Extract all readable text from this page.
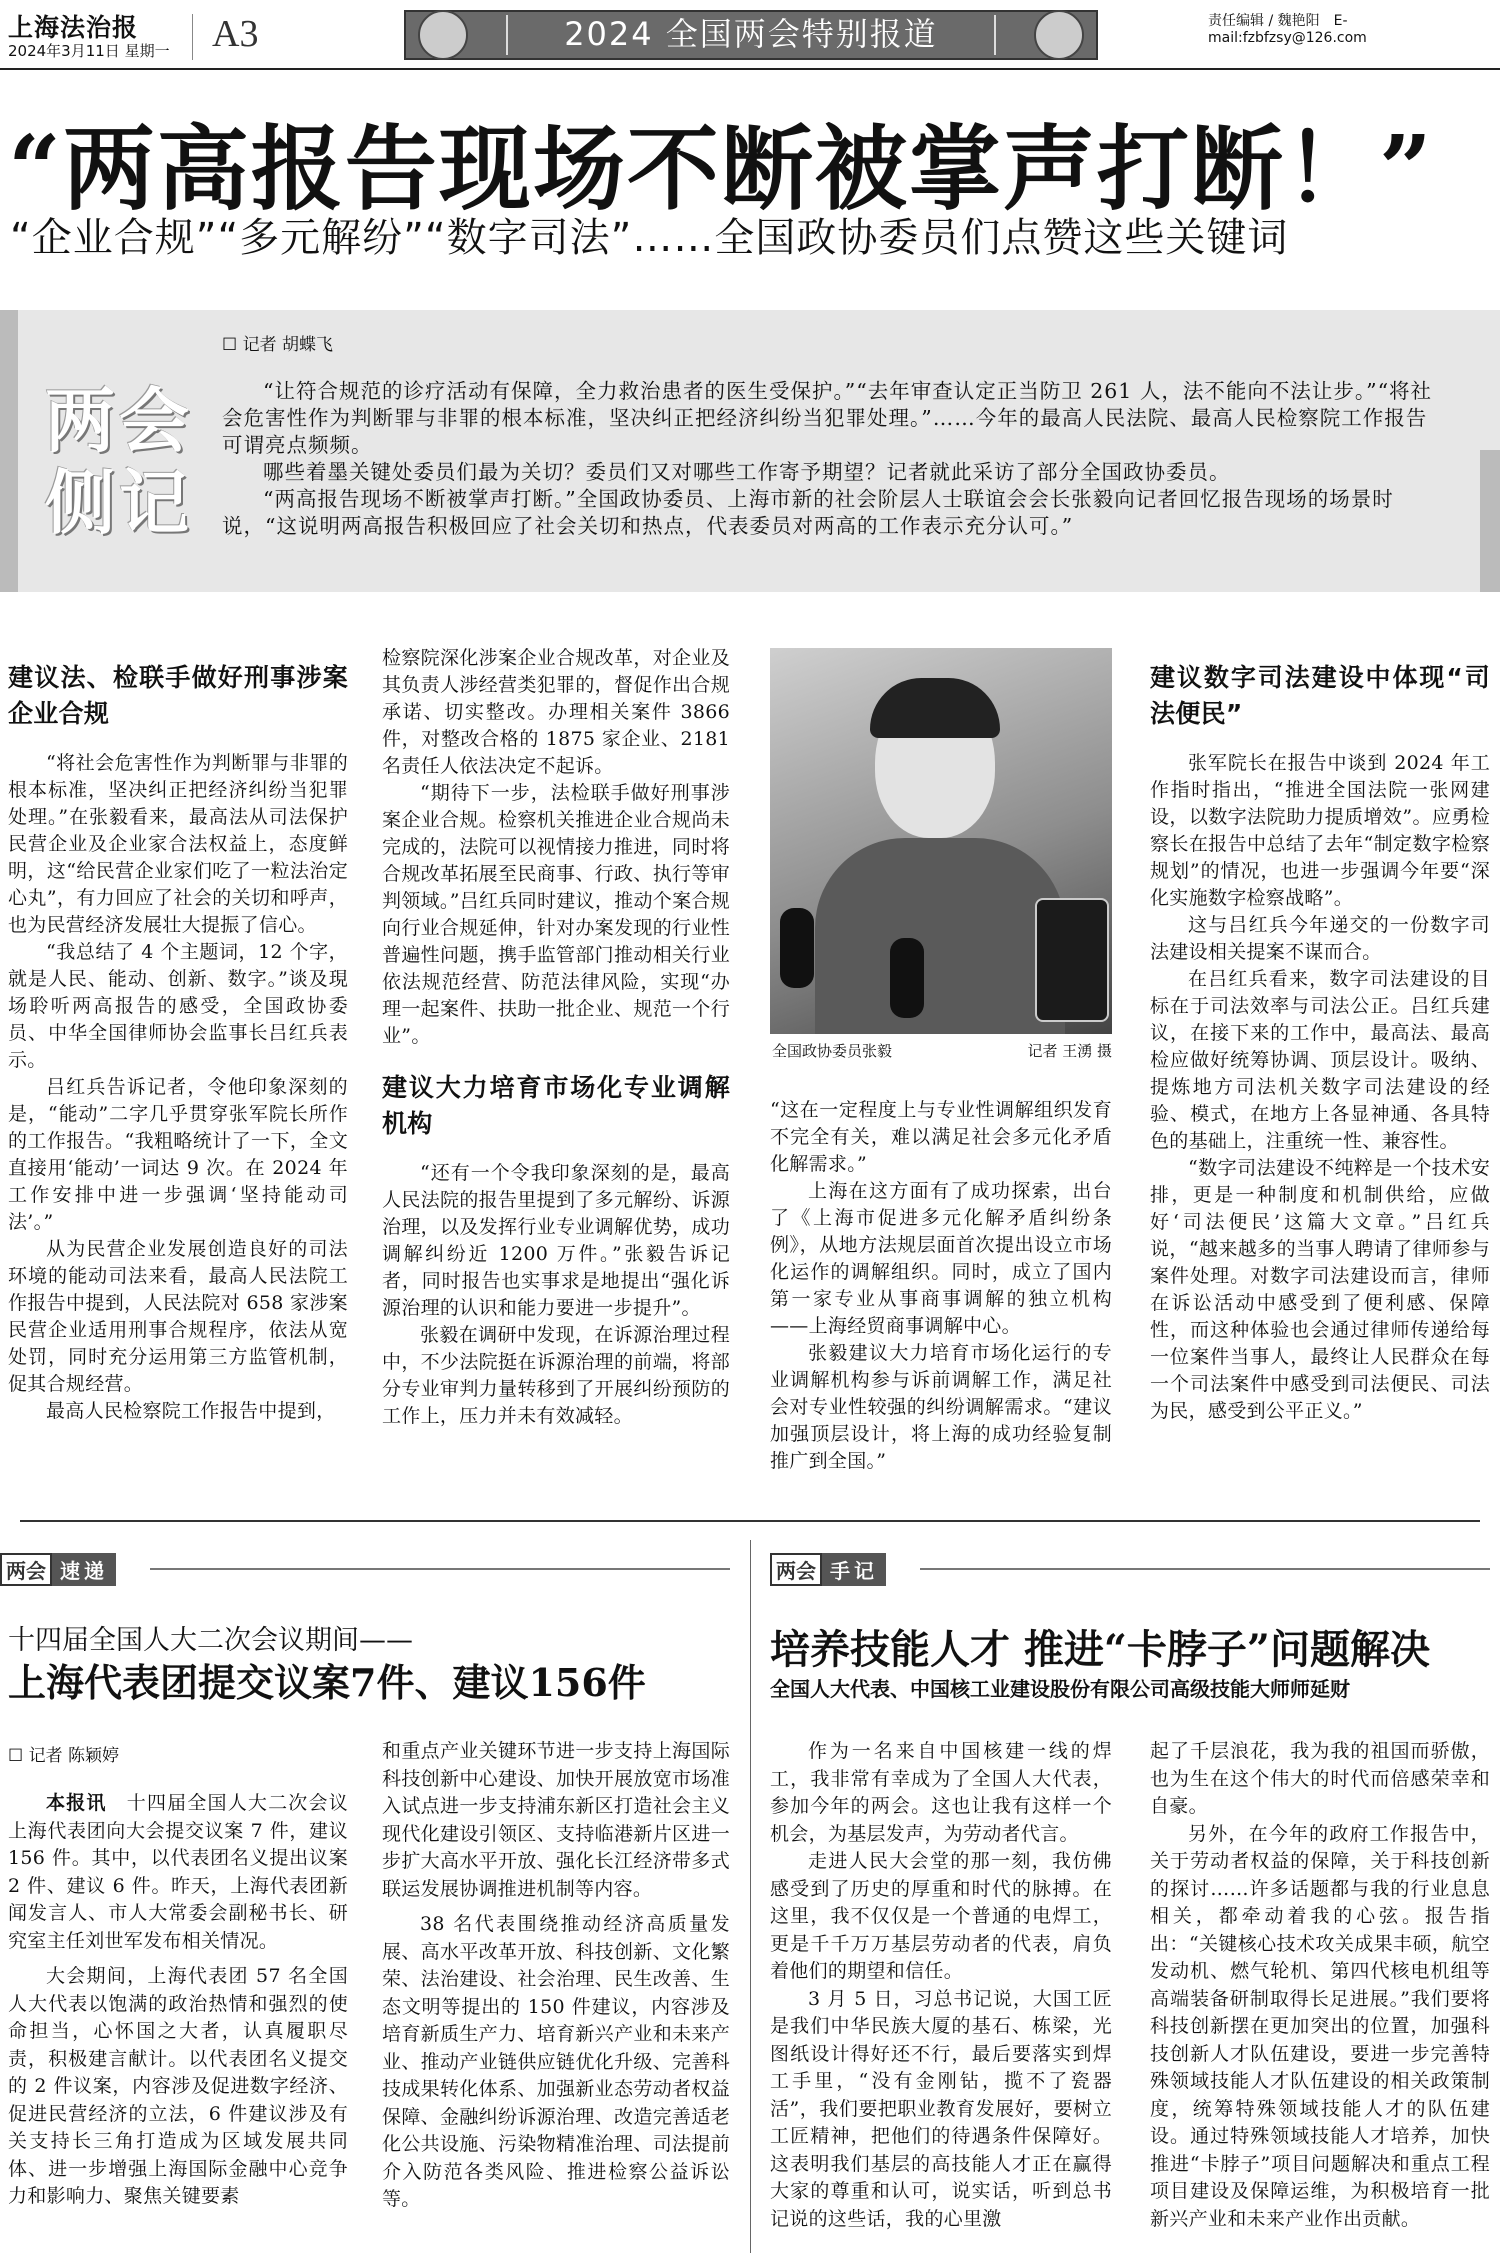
上海法治报
2024年3月11日 星期一 A3	2024 全国两会特别报道	责任编辑 / 魏艳阳　E-mail:fzbfzsy@126.com
“两高报告现场不断被掌声打断！”
“企业合规”“多元解纷”“数字司法”……全国政协委员们点赞这些关键词
两会侧记
☐ 记者 胡蝶飞

“让符合规范的诊疗活动有保障，全力救治患者的医生受保护。”“去年审查认定正当防卫 261 人，法不能向不法让步。”“将社会危害性作为判断罪与非罪的根本标准，坚决纠正把经济纠纷当犯罪处理。”……今年的最高人民法院、最高人民检察院工作报告可谓亮点频频。

哪些着墨关键处委员们最为关切？委员们又对哪些工作寄予期望？记者就此采访了部分全国政协委员。

“两高报告现场不断被掌声打断。”全国政协委员、上海市新的社会阶层人士联谊会会长张毅向记者回忆报告现场的场景时说，“这说明两高报告积极回应了社会关切和热点，代表委员对两高的工作表示充分认可。”

建议法、检联手做好刑事涉案企业合规

“将社会危害性作为判断罪与非罪的根本标准，坚决纠正把经济纠纷当犯罪处理。”在张毅看来，最高法从司法保护民营企业及企业家合法权益上，态度鲜明，这“给民营企业家们吃了一粒法治定心丸”，有力回应了社会的关切和呼声，也为民营经济发展壮大提振了信心。

“我总结了 4 个主题词，12 个字，就是人民、能动、创新、数字。”谈及現场聆听两高报告的感受，全国政协委员、中华全国律师协会监事长吕红兵表示。

吕红兵告诉记者，令他印象深刻的是，“能动”二字几乎贯穿张军院长所作的工作报告。“我粗略统计了一下，全文直接用‘能动’一词达 9 次。在 2024 年工作安排中进一步强调‘坚持能动司法’。”

从为民营企业发展创造良好的司法环境的能动司法来看，最高人民法院工作报告中提到，人民法院对 658 家涉案民营企业适用刑事合规程序，依法从宽处罚，同时充分运用第三方监管机制，促其合规经营。

最高人民检察院工作报告中提到，

检察院深化涉案企业合规改革，对企业及其负责人涉经营类犯罪的，督促作出合规承诺、切实整改。办理相关案件 3866 件，对整改合格的 1875 家企业、2181 名责任人依法决定不起诉。

“期待下一步，法检联手做好刑事涉案企业合规。检察机关推进企业合规尚未完成的，法院可以视情接力推进，同时将合规改革拓展至民商事、行政、执行等审判领域。”吕红兵同时建议，推动个案合规向行业合规延伸，针对办案发现的行业性普遍性问题，携手监管部门推动相关行业依法规范经营、防范法律风险，实现“办理一起案件、扶助一批企业、规范一个行业”。

建议大力培育市场化专业调解机构

“还有一个令我印象深刻的是，最高人民法院的报告里提到了多元解纷、诉源治理，以及发挥行业专业调解优势，成功调解纠纷近 1200 万件。”张毅告诉记者，同时报告也实事求是地提出“强化诉源治理的认识和能力要进一步提升”。

张毅在调研中发现，在诉源治理过程中，不少法院挺在诉源治理的前端，将部分专业审判力量转移到了开展纠纷预防的工作上，压力并未有效减轻。

全国政协委员张毅	记者 王湧 摄

“这在一定程度上与专业性调解组织发育不完全有关，难以满足社会多元化矛盾化解需求。”

上海在这方面有了成功探索，出台了《上海市促进多元化解矛盾纠纷条例》，从地方法规层面首次提出设立市场化运作的调解组织。同时，成立了国内第一家专业从事商事调解的独立机构——上海经贸商事调解中心。

张毅建议大力培育市场化运行的专业调解机构参与诉前调解工作，满足社会对专业性较强的纠纷调解需求。“建议加强顶层设计，将上海的成功经验复制推广到全国。”

建议数字司法建设中体现“司法便民”

张军院长在报告中谈到 2024 年工作指时指出，“推进全国法院一张网建设，以数字法院助力提质增效”。应勇检察长在报告中总结了去年“制定数字检察规划”的情况，也进一步强调今年要“深化实施数字检察战略”。

这与吕红兵今年递交的一份数字司法建设相关提案不谋而合。

在吕红兵看来，数字司法建设的目标在于司法效率与司法公正。吕红兵建议，在接下来的工作中，最高法、最高检应做好统筹协调、顶层设计。吸纳、提炼地方司法机关数字司法建设的经验、模式，在地方上各显神通、各具特色的基础上，注重统一性、兼容性。

“数字司法建设不纯粹是一个技术安排，更是一种制度和机制供给，应做好‘司法便民’这篇大文章。”吕红兵说，“越来越多的当事人聘请了律师参与案件处理。对数字司法建设而言，律师在诉讼活动中感受到了便利感、保障性，而这种体验也会通过律师传递给每一位案件当事人，最终让人民群众在每一个司法案件中感受到司法便民、司法为民，感受到公平正义。”

两会 速递
十四届全国人大二次会议期间——
上海代表团提交议案7件、建议156件
☐ 记者 陈颖婷

本报讯　 十四届全国人大二次会议上海代表团向大会提交议案 7 件，建议 156 件。其中，以代表团名义提出议案 2 件、建议 6 件。昨天，上海代表团新闻发言人、市人大常委会副秘书长、研究室主任刘世军发布相关情况。

大会期间，上海代表团 57 名全国人大代表以饱满的政治热情和强烈的使命担当，心怀国之大者，认真履职尽责，积极建言献计。以代表团名义提交的 2 件议案，内容涉及促进数字经济、促进民营经济的立法，6 件建议涉及有关支持长三角打造成为区域发展共同体、进一步增强上海国际金融中心竞争力和影响力、聚焦关键要素

和重点产业关键环节进一步支持上海国际科技创新中心建设、加快开展放宽市场准入试点进一步支持浦东新区打造社会主义现代化建设引领区、支持临港新片区进一步扩大高水平开放、强化长江经济带多式联运发展协调推进机制等内容。

38 名代表围绕推动经济高质量发展、高水平改革开放、科技创新、文化繁荣、法治建设、社会治理、民生改善、生态文明等提出的 150 件建议，内容涉及培育新质生产力、培育新兴产业和未来产业、推动产业链供应链优化升级、完善科技成果转化体系、加强新业态劳动者权益保障、金融纠纷诉源治理、改造完善适老化公共设施、污染物精准治理、司法提前介入防范各类风险、推进检察公益诉讼等。

两会 手记
培养技能人才 推进“卡脖子”问题解决
全国人大代表、中国核工业建设股份有限公司高级技能大师师延财

作为一名来自中国核建一线的焊工，我非常有幸成为了全国人大代表，参加今年的两会。这也让我有这样一个机会，为基层发声，为劳动者代言。

走进人民大会堂的那一刻，我仿佛感受到了历史的厚重和时代的脉搏。在这里，我不仅仅是一个普通的电焊工，更是千千万万基层劳动者的代表，肩负着他们的期望和信任。

3 月 5 日，习总书记说，大国工匠是我们中华民族大厦的基石、栋梁，光图纸设计得好还不行，最后要落实到焊工手里，“没有金刚钻，揽不了瓷器活”，我们要把职业教育发展好，要树立工匠精神，把他们的待遇条件保障好。这表明我们基层的高技能人才正在赢得大家的尊重和认可，说实话，听到总书记说的这些话，我的心里激

起了千层浪花，我为我的祖国而骄傲，也为生在这个伟大的时代而倍感荣幸和自豪。

另外，在今年的政府工作报告中，关于劳动者权益的保障，关于科技创新的探讨……许多话题都与我的行业息息相关，都牵动着我的心弦。报告指出：“关键核心技术攻关成果丰硕，航空发动机、燃气轮机、第四代核电机组等高端装备研制取得长足进展。”我们要将科技创新摆在更加突出的位置，加强科技创新人才队伍建设，要进一步完善特殊领域技能人才队伍建设的相关政策制度，统筹特殊领域技能人才的队伍建设。通过特殊领域技能人才培养，加快推进“卡脖子”项目问题解决和重点工程项目建设及保障运维，为积极培育一批新兴产业和未来产业作出贡献。
